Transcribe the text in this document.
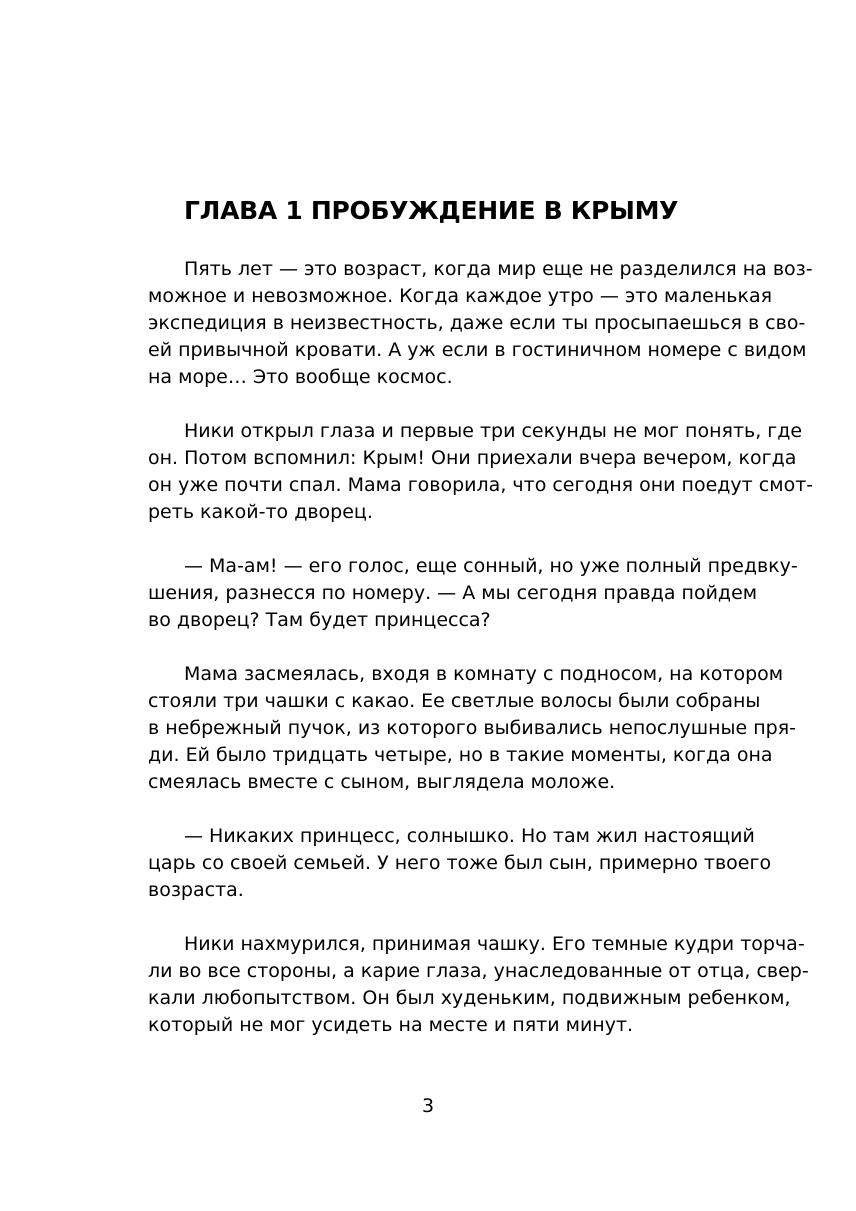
ГЛАВА 1 ПРОБУЖДЕНИЕ В КРЫМУ

Пять лет — это возраст, когда мир еще не разделился на воз-
можное и невозможное. Когда каждое утро — это маленькая
экспедиция в неизвестность, даже если ты просыпаешься в сво-
ей привычной кровати. А уж если в гостиничном номере с видом
на море… Это вообще космос.

Ники открыл глаза и первые три секунды не мог понять, где
он. Потом вспомнил: Крым! Они приехали вчера вечером, когда
он уже почти спал. Мама говорила, что сегодня они поедут смот-
реть какой-то дворец.

— Ма-ам! — его голос, еще сонный, но уже полный предвку-
шения, разнесся по номеру. — А мы сегодня правда пойдем
во дворец? Там будет принцесса?

Мама засмеялась, входя в комнату с подносом, на котором
стояли три чашки с какао. Ее светлые волосы были собраны
в небрежный пучок, из которого выбивались непослушные пря-
ди. Ей было тридцать четыре, но в такие моменты, когда она
смеялась вместе с сыном, выглядела моложе.

— Никаких принцесс, солнышко. Но там жил настоящий
царь со своей семьей. У него тоже был сын, примерно твоего
возраста.

Ники нахмурился, принимая чашку. Его темные кудри торча-
ли во все стороны, а карие глаза, унаследованные от отца, свер-
кали любопытством. Он был худеньким, подвижным ребенком,
который не мог усидеть на месте и пяти минут.

3
